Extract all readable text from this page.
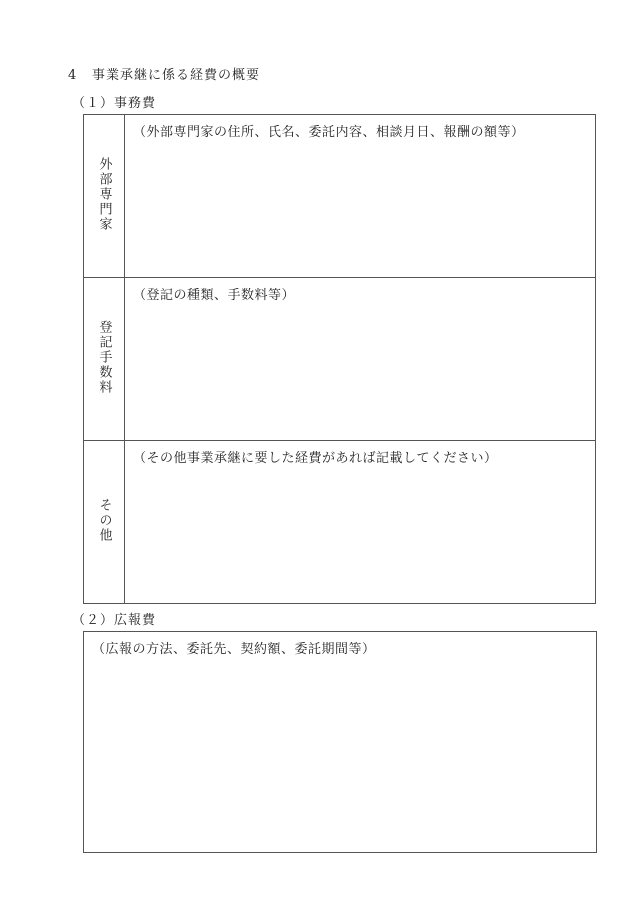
4 事業承継に係る経費の概要
（１）事務費
外部専門家	（外部専門家の住所、氏名、委託内容、相談月日、報酬の額等）

登記手数料	（登記の種類、手数料等）

その他	（その他事業承継に要した経費があれば記載してください）
（２）広報費
（広報の方法、委託先、契約額、委託期間等）
